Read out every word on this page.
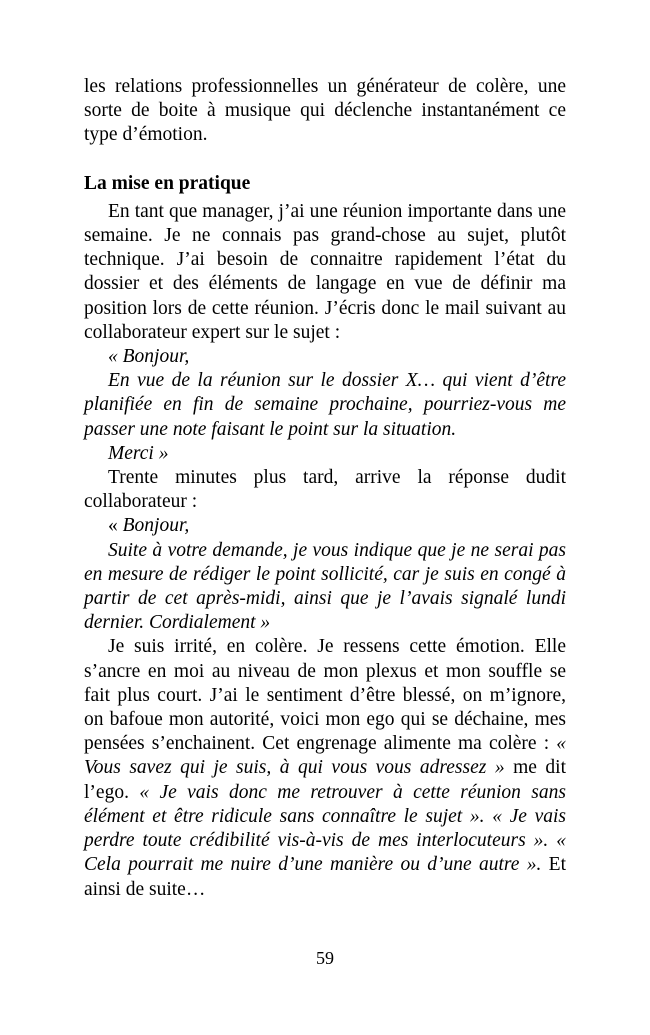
les relations professionnelles un générateur de colère, une sorte de boite à musique qui déclenche instantanément ce type d’émotion.

La mise en pratique

En tant que manager, j’ai une réunion importante dans une semaine. Je ne connais pas grand-chose au sujet, plutôt technique. J’ai besoin de connaitre rapidement l’état du dossier et des éléments de langage en vue de définir ma position lors de cette réunion. J’écris donc le mail suivant au collaborateur expert sur le sujet :

« Bonjour,

En vue de la réunion sur le dossier X… qui vient d’être planifiée en fin de semaine prochaine, pourriez-vous me passer une note faisant le point sur la situation.

Merci »

Trente minutes plus tard, arrive la réponse dudit collaborateur :

« Bonjour,

Suite à votre demande, je vous indique que je ne serai pas en mesure de rédiger le point sollicité, car je suis en congé à partir de cet après-midi, ainsi que je l’avais signalé lundi dernier. Cordialement »

Je suis irrité, en colère. Je ressens cette émotion. Elle s’ancre en moi au niveau de mon plexus et mon souffle se fait plus court. J’ai le sentiment d’être blessé, on m’ignore, on bafoue mon autorité, voici mon ego qui se déchaine, mes pensées s’enchainent. Cet engrenage alimente ma colère : « Vous savez qui je suis, à qui vous vous adressez » me dit l’ego. « Je vais donc me retrouver à cette réunion sans élément et être ridicule sans connaître le sujet ». « Je vais perdre toute crédibilité vis-à-vis de mes interlocuteurs ». « Cela pourrait me nuire d’une manière ou d’une autre ». Et ainsi de suite…

59
